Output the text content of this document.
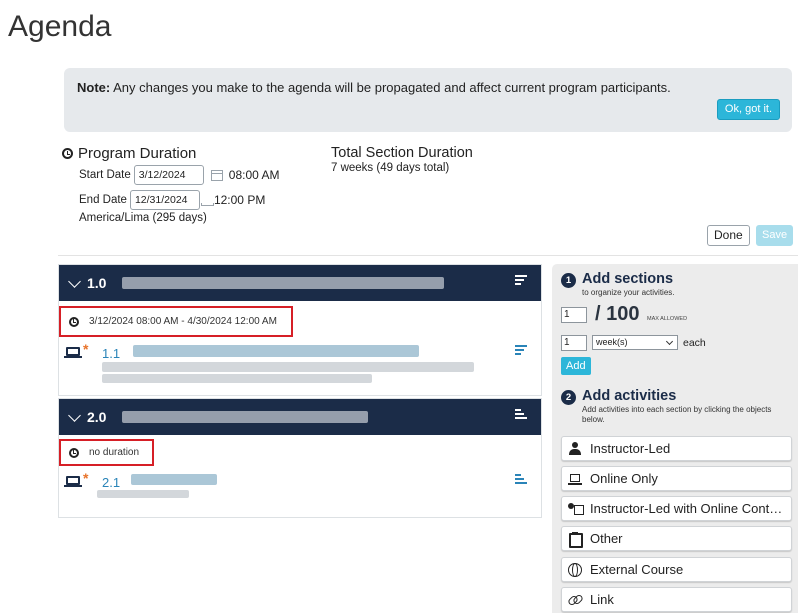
Agenda
Note: Any changes you make to the agenda will be propagated and affect current program participants.
Ok, got it.
Program Duration
Start Date 3/12/2024	08:00 AM
End Date 12/31/2024	12:00 PM
America/Lima (295 days)
Total Section Duration
7 weeks (49 days total)
Done	Save
1.0
3/12/2024 08:00 AM - 4/30/2024 12:00 AM
* 1.1
2.0
no duration
* 2.1
1 Add sections
to organize your activities.
1	/ 100 MAX ALLOWED
1	week(s)	each
Add
2 Add activities
Add activities into each section by clicking the objects below.
Instructor-Led
Online Only
Instructor-Led with Online Cont…
Other
External Course
Link
